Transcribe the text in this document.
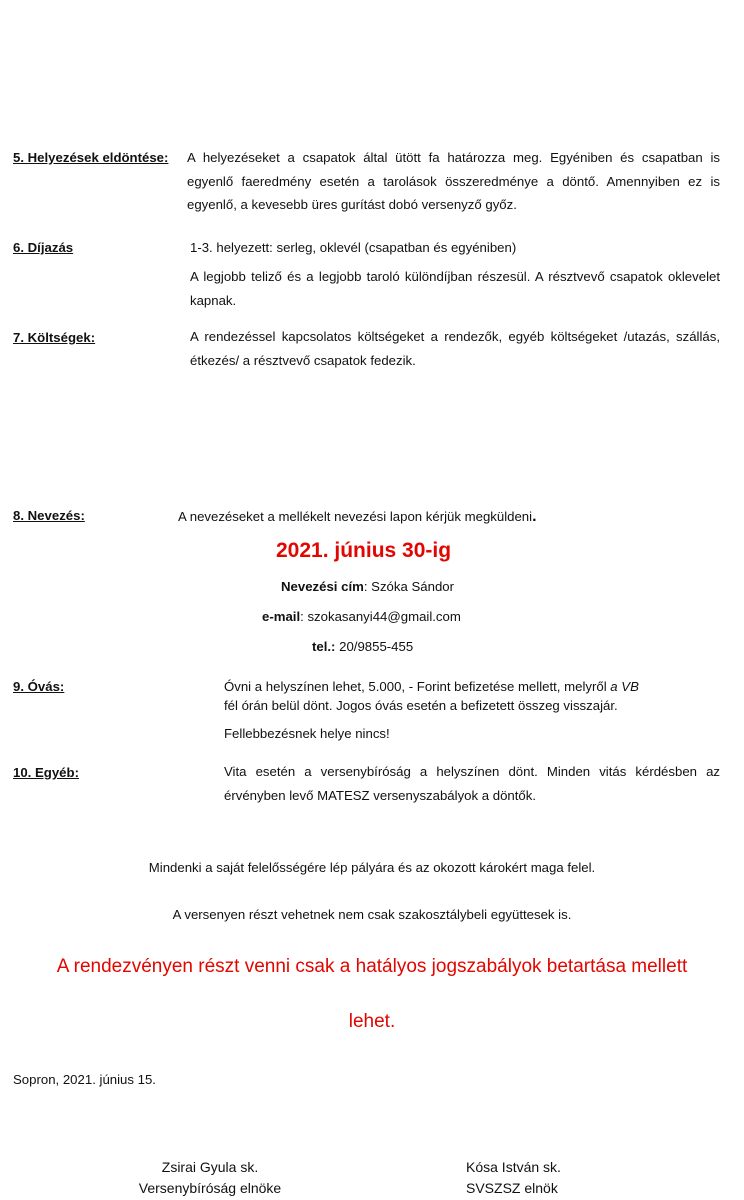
5. Helyezések eldöntése: A helyezéseket a csapatok által ütött fa határozza meg. Egyéniben és csapatban is egyenlő faeredmény esetén a tarolások összeredménye a döntő. Amennyiben ez is egyenlő, a kevesebb üres gurítást dobó versenyző győz.
6. Díjazás	1-3. helyezett: serleg, oklevél (csapatban és egyéniben)
A legjobb teliző és a legjobb taroló különdíjban részesül. A résztvevő csapatok oklevelet kapnak.
7. Költségek:	A rendezéssel kapcsolatos költségeket a rendezők, egyéb költségeket /utazás, szállás, étkezés/ a résztvevő csapatok fedezik.
8. Nevezés:	A nevezéseket a mellékelt nevezési lapon kérjük megküldeni.
2021. június 30-ig
Nevezési cím: Szóka Sándor
e-mail: szokasanyi44@gmail.com
tel.: 20/9855-455
9. Óvás:	Óvni a helyszínen lehet, 5.000, - Forint befizetése mellett, melyről a VB
fél órán belül dönt. Jogos óvás esetén a befizetett összeg visszajár.
Fellebbezésnek helye nincs!
10. Egyéb:	Vita esetén a versenybíróság a helyszínen dönt. Minden vitás kérdésben az érvényben levő MATESZ versenyszabályok a döntők.
Mindenki a saját felelősségére lép pályára és az okozott károkért maga felel.
A versenyen részt vehetnek nem csak szakosztálybeli együttesek is.
A rendezvényen részt venni csak a hatályos jogszabályok betartása mellett
lehet.
Sopron, 2021. június 15.
Zsirai Gyula sk.
Versenybíróság elnöke
Kósa István sk.
SVSZSZ elnök
